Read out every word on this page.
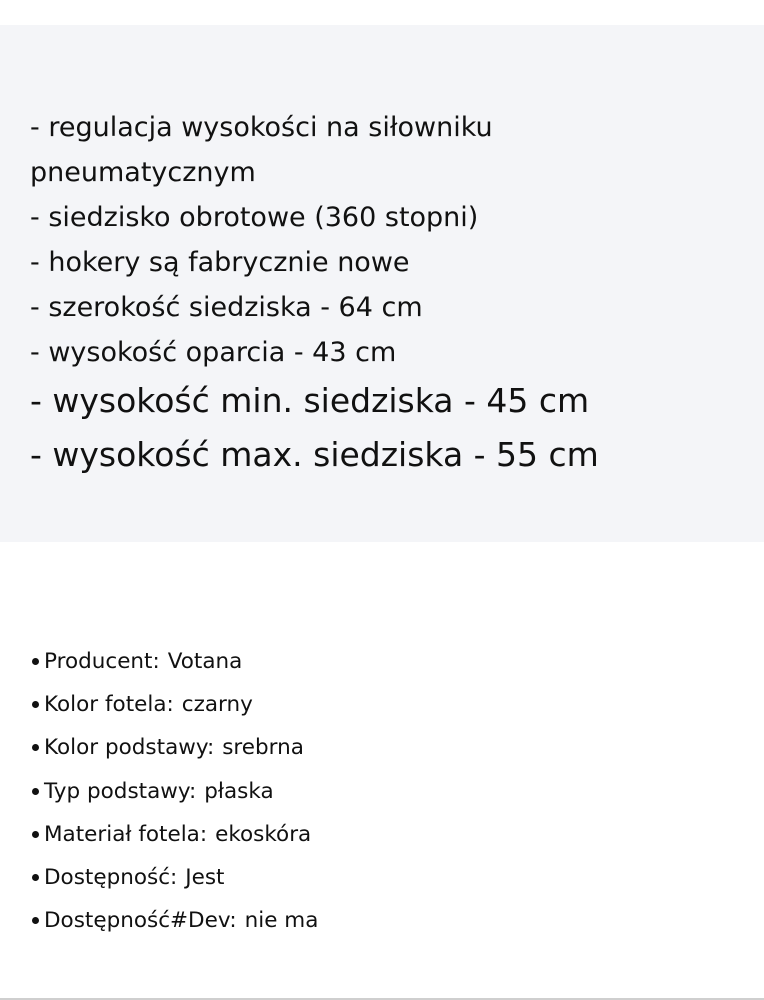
- regulacja wysokości na siłowniku

pneumatycznym

- siedzisko obrotowe (360 stopni)

- hokery są fabrycznie nowe

- szerokość siedziska - 64 cm

- wysokość oparcia - 43 cm

- wysokość min. siedziska - 45 cm

- wysokość max. siedziska - 55 cm

Producent: Votana
Kolor fotela: czarny
Kolor podstawy: srebrna
Typ podstawy: płaska
Materiał fotela: ekoskóra
Dostępność: Jest
Dostępność#Dev: nie ma
